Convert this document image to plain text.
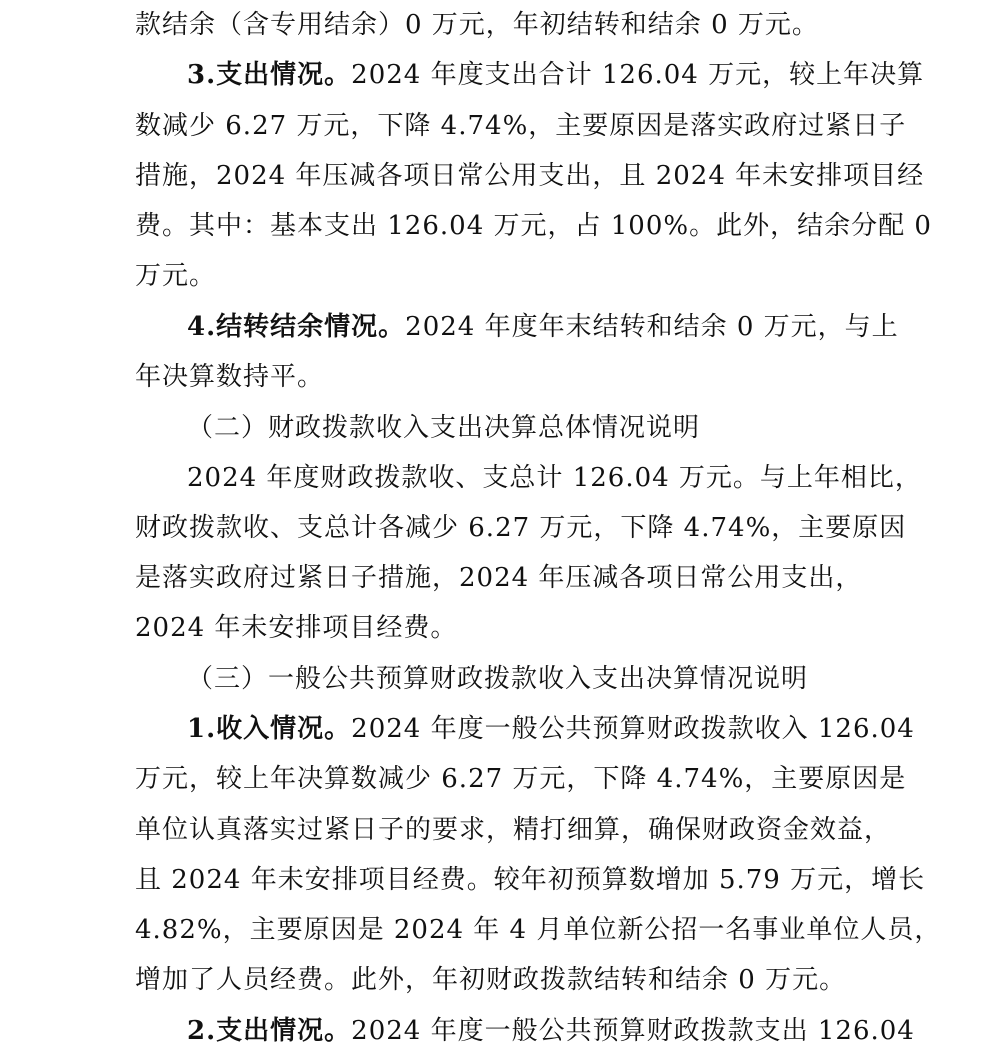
款结余（含专用结余）0 万元，年初结转和结余 0 万元。
3.支出情况。2024 年度支出合计 126.04 万元，较上年决算
数减少 6.27 万元，下降 4.74%，主要原因是落实政府过紧日子
措施，2024 年压减各项日常公用支出，且 2024 年未安排项目经
费。其中：基本支出 126.04 万元，占 100%。此外，结余分配 0
万元。
4.结转结余情况。2024 年度年末结转和结余 0 万元，与上
年决算数持平。
（二）财政拨款收入支出决算总体情况说明
2024 年度财政拨款收、支总计 126.04 万元。与上年相比，
财政拨款收、支总计各减少 6.27 万元，下降 4.74%，主要原因
是落实政府过紧日子措施，2024 年压减各项日常公用支出，
2024 年未安排项目经费。
（三）一般公共预算财政拨款收入支出决算情况说明
1.收入情况。2024 年度一般公共预算财政拨款收入 126.04
万元，较上年决算数减少 6.27 万元，下降 4.74%，主要原因是
单位认真落实过紧日子的要求，精打细算，确保财政资金效益，
且 2024 年未安排项目经费。较年初预算数增加 5.79 万元，增长
4.82%，主要原因是 2024 年 4 月单位新公招一名事业单位人员，
增加了人员经费。此外，年初财政拨款结转和结余 0 万元。
2.支出情况。2024 年度一般公共预算财政拨款支出 126.04
